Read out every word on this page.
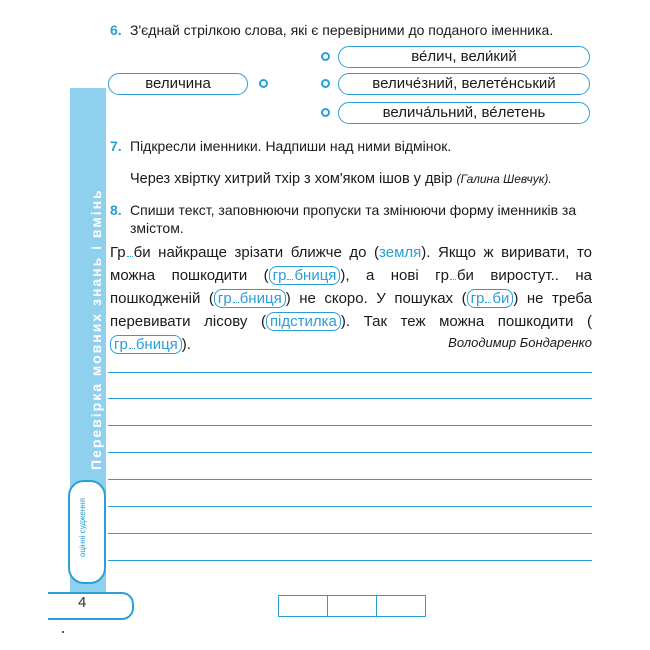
Перевірка мовних знань і вмінь
оцінні судження
4
6. З'єднай стрілкою слова, які є перевірними до поданого іменника.
величина
ве́лич, вели́кий
величе́зний, велете́нський
велича́льний, ве́летень
7. Підкресли іменники. Надпиши над ними відмінок.
Через хвіртку хитрий тхір з хом'яком ішов у двір (Галина Шевчук).
8. Спиши текст, заповнюючи пропуски та змінюючи форму іменників за змістом.
Гр би найкраще зрізати ближче до (земля). Якщо ж виривати, то можна пошкодити ( гр бниця ), а нові гр би виростут.. на пошкодженій ( гр бниця ) не скоро. У пошуках ( гр би ) не треба перевивати лісову ( підстилка ). Так теж можна пошкодити (гр бниця ).	Володимир Бондаренко
